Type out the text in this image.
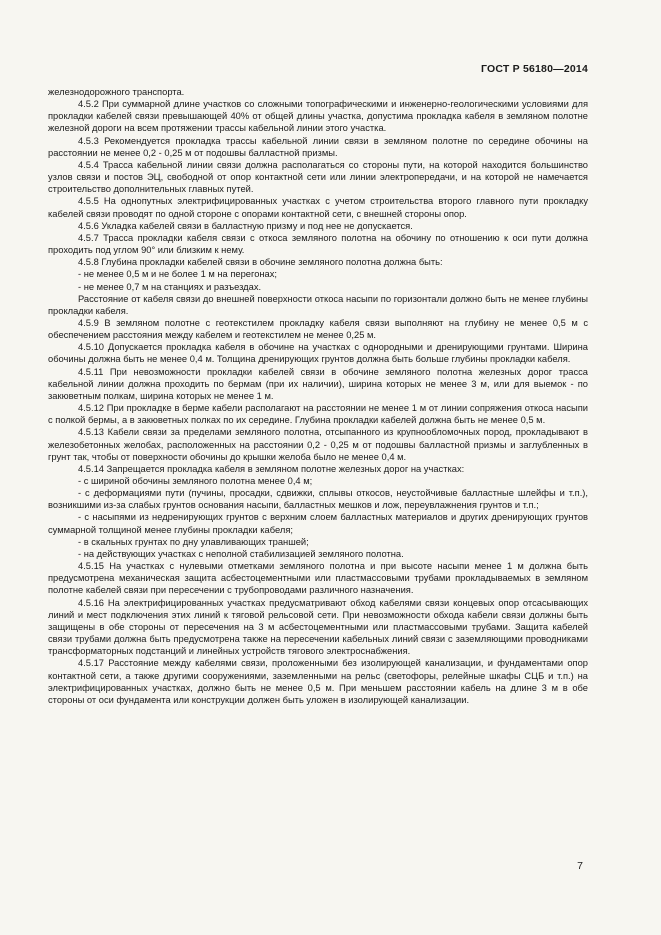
ГОСТ Р 56180—2014

железнодорожного транспорта.

4.5.2 При суммарной длине участков со сложными топографическими и инженерно-геологическими условиями для прокладки кабелей связи превышающей 40% от общей длины участка, допустима прокладка кабеля в земляном полотне железной дороги на всем протяжении трассы кабельной линии этого участка.

4.5.3 Рекомендуется прокладка трассы кабельной линии связи в земляном полотне по середине обочины на расстоянии не менее 0,2 - 0,25 м от подошвы балластной призмы.

4.5.4 Трасса кабельной линии связи должна располагаться со стороны пути, на которой находится большинство узлов связи и постов ЭЦ, свободной от опор контактной сети или линии электропередачи, и на которой не намечается строительство дополнительных главных путей.

4.5.5 На однопутных электрифицированных участках с учетом строительства второго главного пути прокладку кабелей связи проводят по одной стороне с опорами контактной сети, с внешней стороны опор.

4.5.6 Укладка кабелей связи в балластную призму и под нее не допускается.

4.5.7 Трасса прокладки кабеля связи с откоса земляного полотна на обочину по отношению к оси пути должна проходить под углом 90° или близким к нему.

4.5.8 Глубина прокладки кабелей связи в обочине земляного полотна должна быть:

- не менее 0,5 м и не более 1 м на перегонах;

- не менее 0,7 м на станциях и разъездах.

Расстояние от кабеля связи до внешней поверхности откоса насыпи по горизонтали должно быть не менее глубины прокладки кабеля.

4.5.9 В земляном полотне с геотекстилем прокладку кабеля связи выполняют на глубину не менее 0,5 м с обеспечением расстояния между кабелем и геотекстилем не менее 0,25 м.

4.5.10 Допускается прокладка кабеля в обочине на участках с однородными и дренирующими грунтами. Ширина обочины должна быть не менее 0,4 м. Толщина дренирующих грунтов должна быть больше глубины прокладки кабеля.

4.5.11 При невозможности прокладки кабелей связи в обочине земляного полотна железных дорог трасса кабельной линии должна проходить по бермам (при их наличии), ширина которых не менее 3 м, или для выемок - по закюветным полкам, ширина которых не менее 1 м.

4.5.12 При прокладке в берме кабели располагают на расстоянии не менее 1 м от линии сопряжения откоса насыпи с полкой бермы, а в закюветных полках по их середине. Глубина прокладки кабелей должна быть не менее 0,5 м.

4.5.13 Кабели связи за пределами земляного полотна, отсыпанного из крупнообломочных пород, прокладывают в железобетонных желобах, расположенных на расстоянии 0,2 - 0,25 м от подошвы балластной призмы и заглубленных в грунт так, чтобы от поверхности обочины до крышки желоба было не менее 0,4 м.

4.5.14 Запрещается прокладка кабеля в земляном полотне железных дорог на участках:

- с шириной обочины земляного полотна менее 0,4 м;

- с деформациями пути (пучины, просадки, сдвижки, сплывы откосов, неустойчивые балластные шлейфы и т.п.), возникшими из-за слабых грунтов основания насыпи, балластных мешков и лож, переувлажнения грунтов и т.п.;

- с насыпями из недренирующих грунтов с верхним слоем балластных материалов и других дренирующих грунтов суммарной толщиной менее глубины прокладки кабеля;

- в скальных грунтах по дну улавливающих траншей;

- на действующих участках с неполной стабилизацией земляного полотна.

4.5.15 На участках с нулевыми отметками земляного полотна и при высоте насыпи менее 1 м должна быть предусмотрена механическая защита асбестоцементными или пластмассовыми трубами прокладываемых в земляном полотне кабелей связи при пересечении с трубопроводами различного назначения.

4.5.16 На электрифицированных участках предусматривают обход кабелями связи концевых опор отсасывающих линий и мест подключения этих линий к тяговой рельсовой сети. При невозможности обхода кабели связи должны быть защищены в обе стороны от пересечения на 3 м асбестоцементными или пластмассовыми трубами. Защита кабелей связи трубами должна быть предусмотрена также на пересечении кабельных линий связи с заземляющими проводниками трансформаторных подстанций и линейных устройств тягового электроснабжения.

4.5.17 Расстояние между кабелями связи, проложенными без изолирующей канализации, и фундаментами опор контактной сети, а также другими сооружениями, заземленными на рельс (светофоры, релейные шкафы СЦБ и т.п.) на электрифицированных участках, должно быть не менее 0,5 м. При меньшем расстоянии кабель на длине 3 м в обе стороны от оси фундамента или конструкции должен быть уложен в изолирующей канализации.

7
